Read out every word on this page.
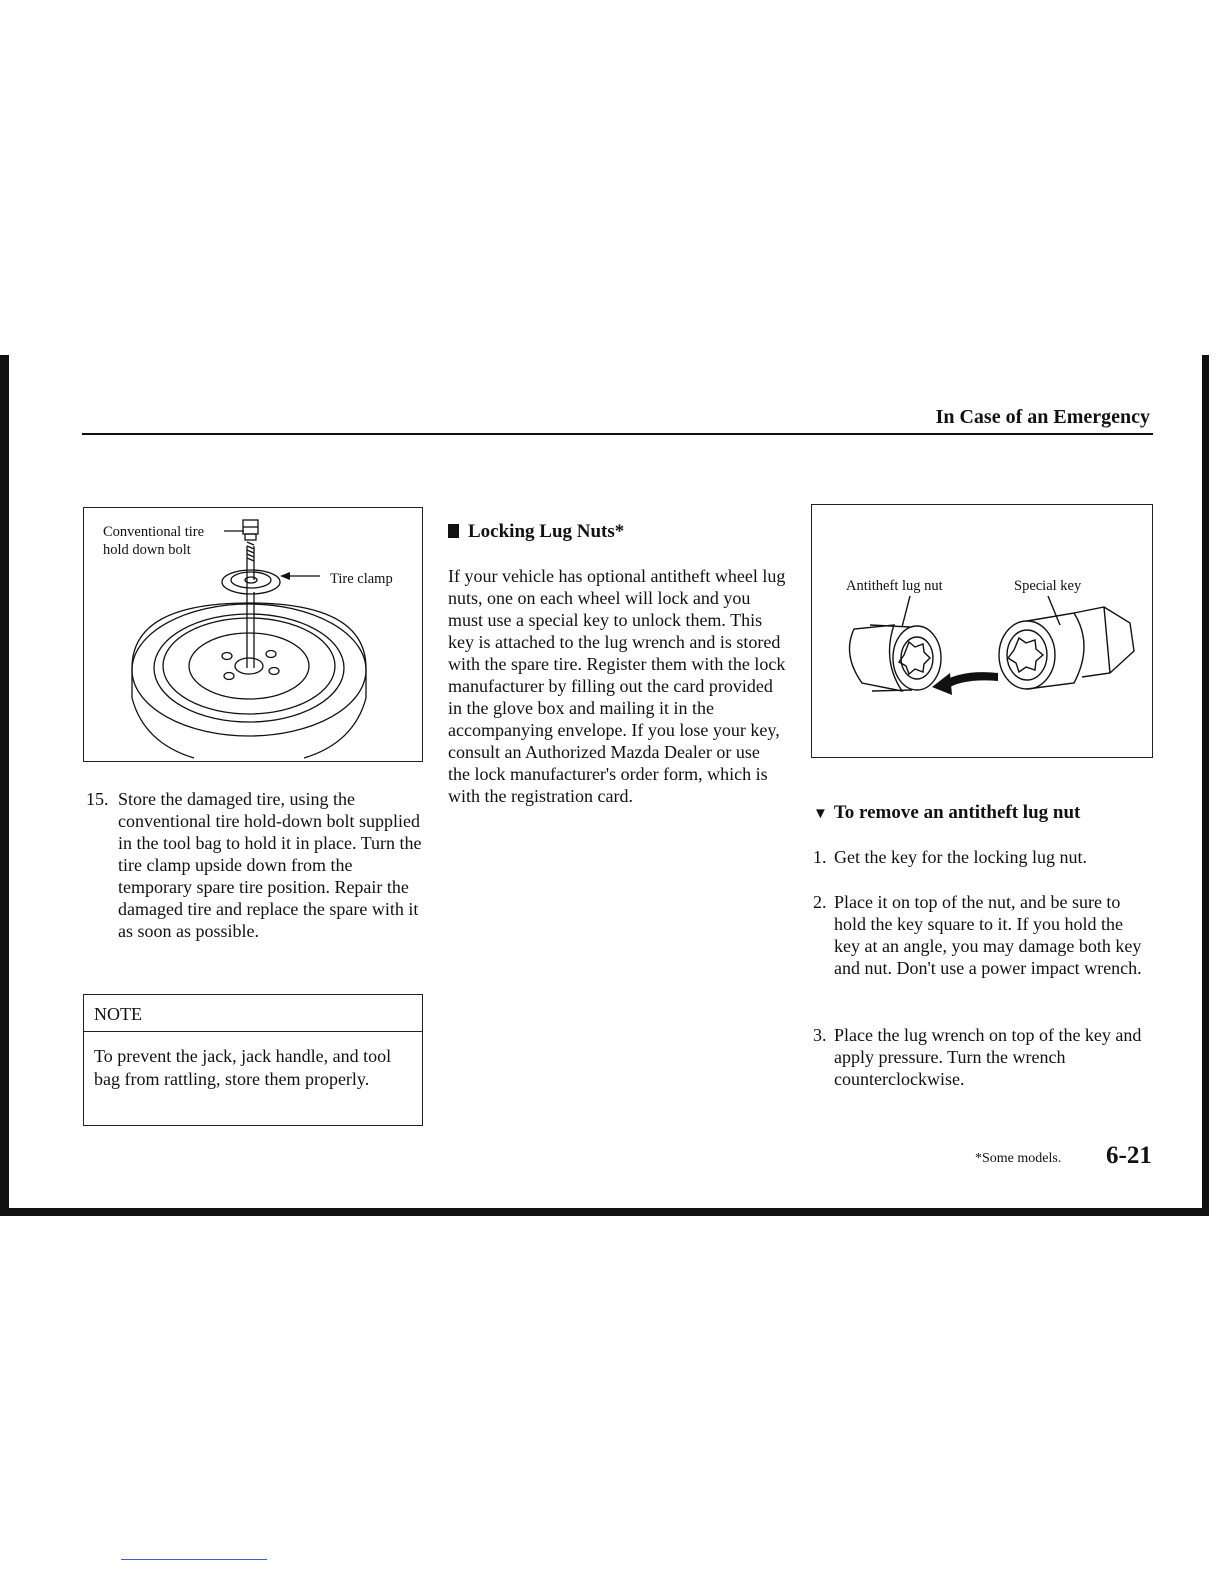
In Case of an Emergency
Conventional tire
hold down bolt
Tire clamp
15. Store the damaged tire, using the conventional tire hold-down bolt supplied in the tool bag to hold it in place. Turn the tire clamp upside down from the temporary spare tire position. Repair the damaged tire and replace the spare with it as soon as possible.
NOTE
To prevent the jack, jack handle, and tool bag from rattling, store them properly.
Locking Lug Nuts*
If your vehicle has optional antitheft wheel lug nuts, one on each wheel will lock and you must use a special key to unlock them. This key is attached to the lug wrench and is stored with the spare tire. Register them with the lock manufacturer by filling out the card provided in the glove box and mailing it in the accompanying envelope. If you lose your key, consult an Authorized Mazda Dealer or use the lock manufacturer's order form, which is with the registration card.
Antitheft lug nut	Special key
▼ To remove an antitheft lug nut
1. Get the key for the locking lug nut.
2. Place it on top of the nut, and be sure to hold the key square to it. If you hold the key at an angle, you may damage both key and nut. Don't use a power impact wrench.
3. Place the lug wrench on top of the key and apply pressure. Turn the wrench counterclockwise.
*Some models. 6-21
